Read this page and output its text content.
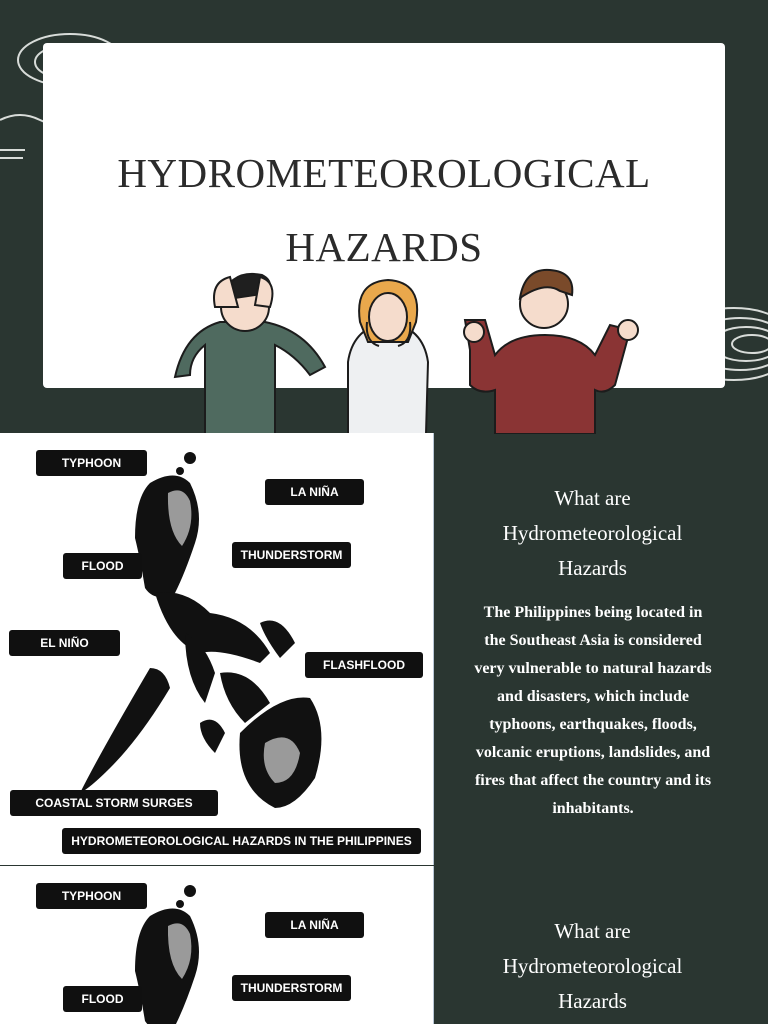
HYDROMETEOROLOGICAL
HAZARDS
TYPHOON
LA NIÑA
THUNDERSTORM
FLOOD
EL NIÑO
FLASHFLOOD
COASTAL STORM SURGES
HYDROMETEOROLOGICAL HAZARDS IN THE PHILIPPINES
TYPHOON
LA NIÑA
THUNDERSTORM
FLOOD
What are
Hydrometeorological
Hazards
The Philippines being located in
the Southeast Asia is considered
very vulnerable to natural hazards
and disasters, which include
typhoons, earthquakes, floods,
volcanic eruptions, landslides, and
fires that affect the country and its
inhabitants.
What are
Hydrometeorological
Hazards
